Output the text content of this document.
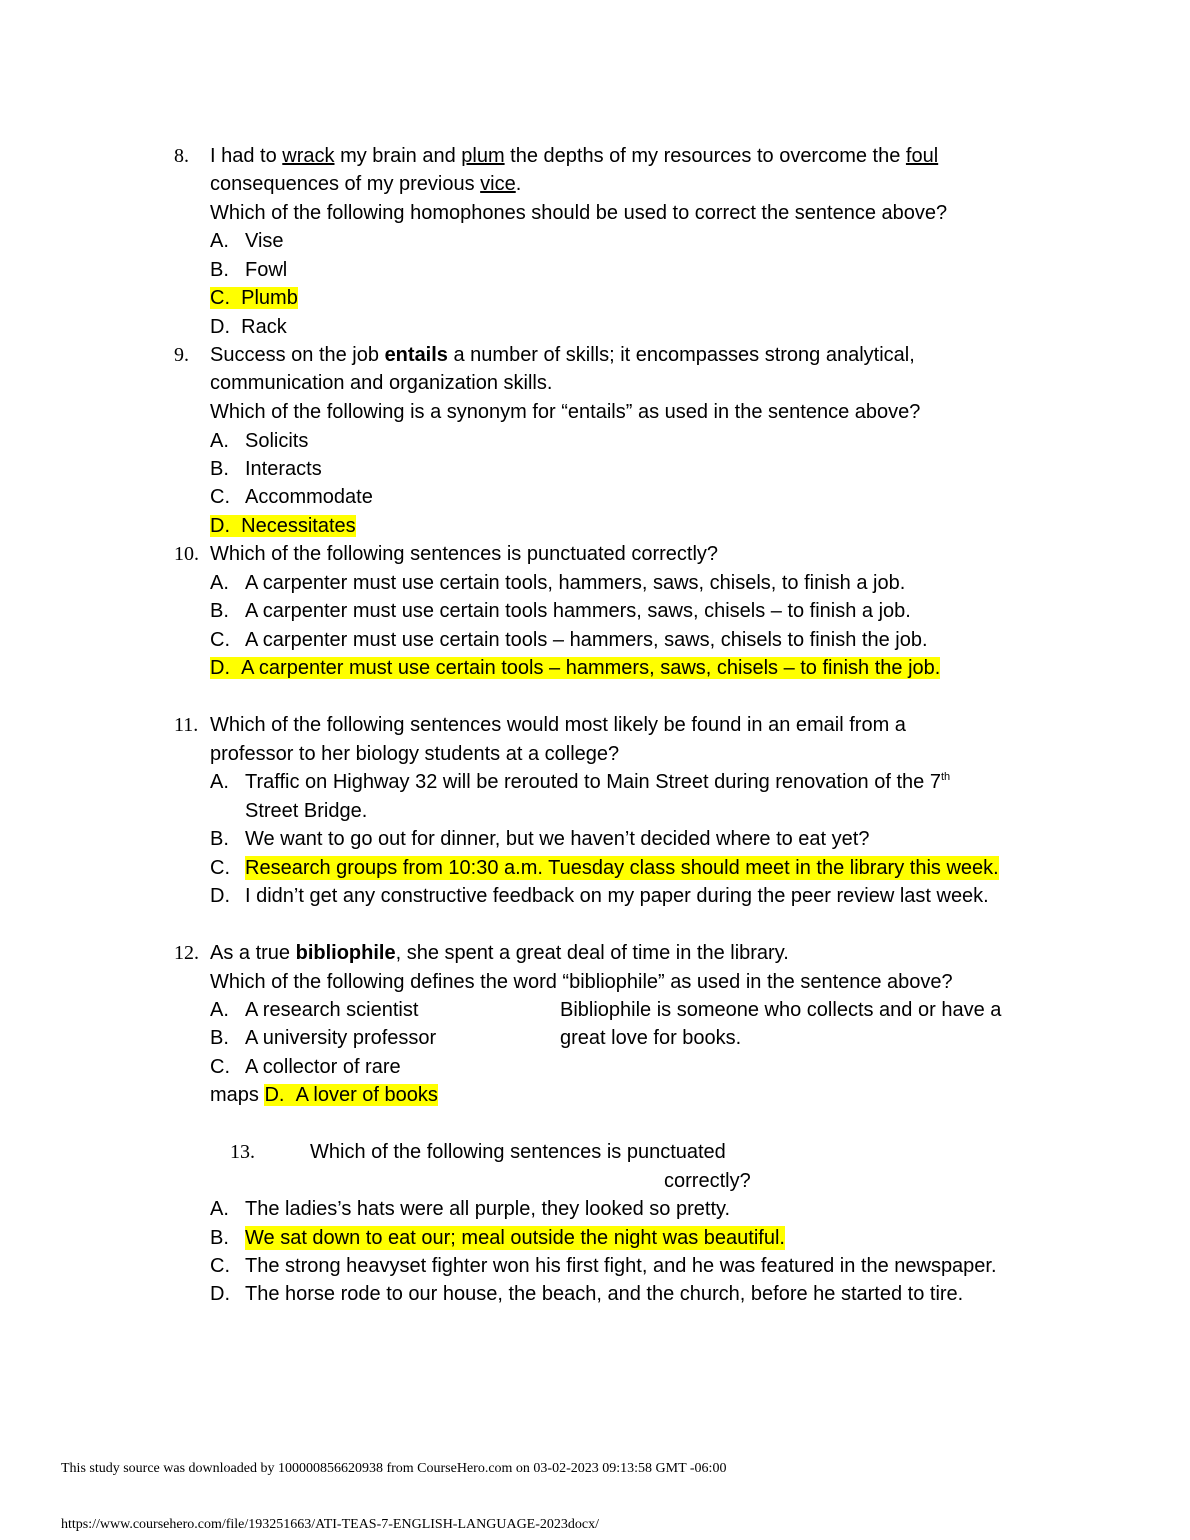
8. I had to wrack my brain and plum the depths of my resources to overcome the foul
consequences of my previous vice.
Which of the following homophones should be used to correct the sentence above?
A. Vise
B. Fowl
C. Plumb
D. Rack
9. Success on the job entails a number of skills; it encompasses strong analytical,
communication and organization skills.
Which of the following is a synonym for “entails” as used in the sentence above?
A. Solicits
B. Interacts
C. Accommodate
D. Necessitates
10. Which of the following sentences is punctuated correctly?
A. A carpenter must use certain tools, hammers, saws, chisels, to finish a job.
B. A carpenter must use certain tools hammers, saws, chisels – to finish a job.
C. A carpenter must use certain tools – hammers, saws, chisels to finish the job.
D. A carpenter must use certain tools – hammers, saws, chisels – to finish the job.
11. Which of the following sentences would most likely be found in an email from a
professor to her biology students at a college?
A. Traffic on Highway 32 will be rerouted to Main Street during renovation of the 7th
Street Bridge.
B. We want to go out for dinner, but we haven’t decided where to eat yet?
C. Research groups from 10:30 a.m. Tuesday class should meet in the library this week.
D. I didn’t get any constructive feedback on my paper during the peer review last week.
12. As a true bibliophile, she spent a great deal of time in the library.
Which of the following defines the word “bibliophile” as used in the sentence above?
A. A research scientist	Bibliophile is someone who collects and or have a
B. A university professor	great love for books.
C. A collector of rare
maps D. A lover of books
13.	Which of the following sentences is punctuated
correctly?
A. The ladies’s hats were all purple, they looked so pretty.
B. We sat down to eat our; meal outside the night was beautiful.
C. The strong heavyset fighter won his first fight, and he was featured in the newspaper.
D. The horse rode to our house, the beach, and the church, before he started to tire.
This study source was downloaded by 100000856620938 from CourseHero.com on 03-02-2023 09:13:58 GMT -06:00
https://www.coursehero.com/file/193251663/ATI-TEAS-7-ENGLISH-LANGUAGE-2023docx/
